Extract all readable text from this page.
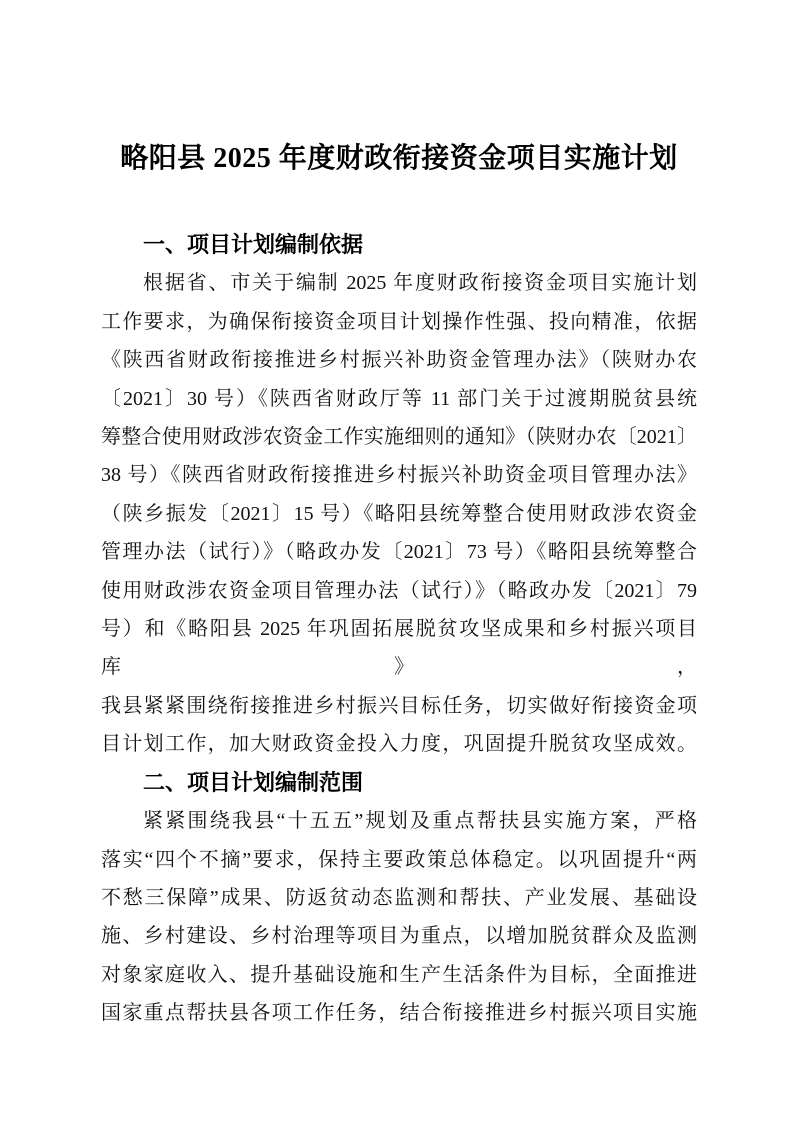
略阳县 2025 年度财政衔接资金项目实施计划
一、项目计划编制依据
根据省、市关于编制 2025 年度财政衔接资金项目实施计划
工作要求，为确保衔接资金项目计划操作性强、投向精准，依据
《陕西省财政衔接推进乡村振兴补助资金管理办法》（陕财办农
〔2021〕30 号）《陕西省财政厅等 11 部门关于过渡期脱贫县统
筹整合使用财政涉农资金工作实施细则的通知》（陕财办农〔2021〕
38 号）《陕西省财政衔接推进乡村振兴补助资金项目管理办法》
（陕乡振发〔2021〕15 号）《略阳县统筹整合使用财政涉农资金
管理办法（试行）》（略政办发〔2021〕73 号）《略阳县统筹整合
使用财政涉农资金项目管理办法（试行）》（略政办发〔2021〕79
号）和《略阳县 2025 年巩固拓展脱贫攻坚成果和乡村振兴项目库》，
我县紧紧围绕衔接推进乡村振兴目标任务，切实做好衔接资金项
目计划工作，加大财政资金投入力度，巩固提升脱贫攻坚成效。
二、项目计划编制范围
紧紧围绕我县“十五五”规划及重点帮扶县实施方案，严格
落实“四个不摘”要求，保持主要政策总体稳定。以巩固提升“两
不愁三保障”成果、防返贫动态监测和帮扶、产业发展、基础设
施、乡村建设、乡村治理等项目为重点，以增加脱贫群众及监测
对象家庭收入、提升基础设施和生产生活条件为目标，全面推进
国家重点帮扶县各项工作任务，结合衔接推进乡村振兴项目实施
